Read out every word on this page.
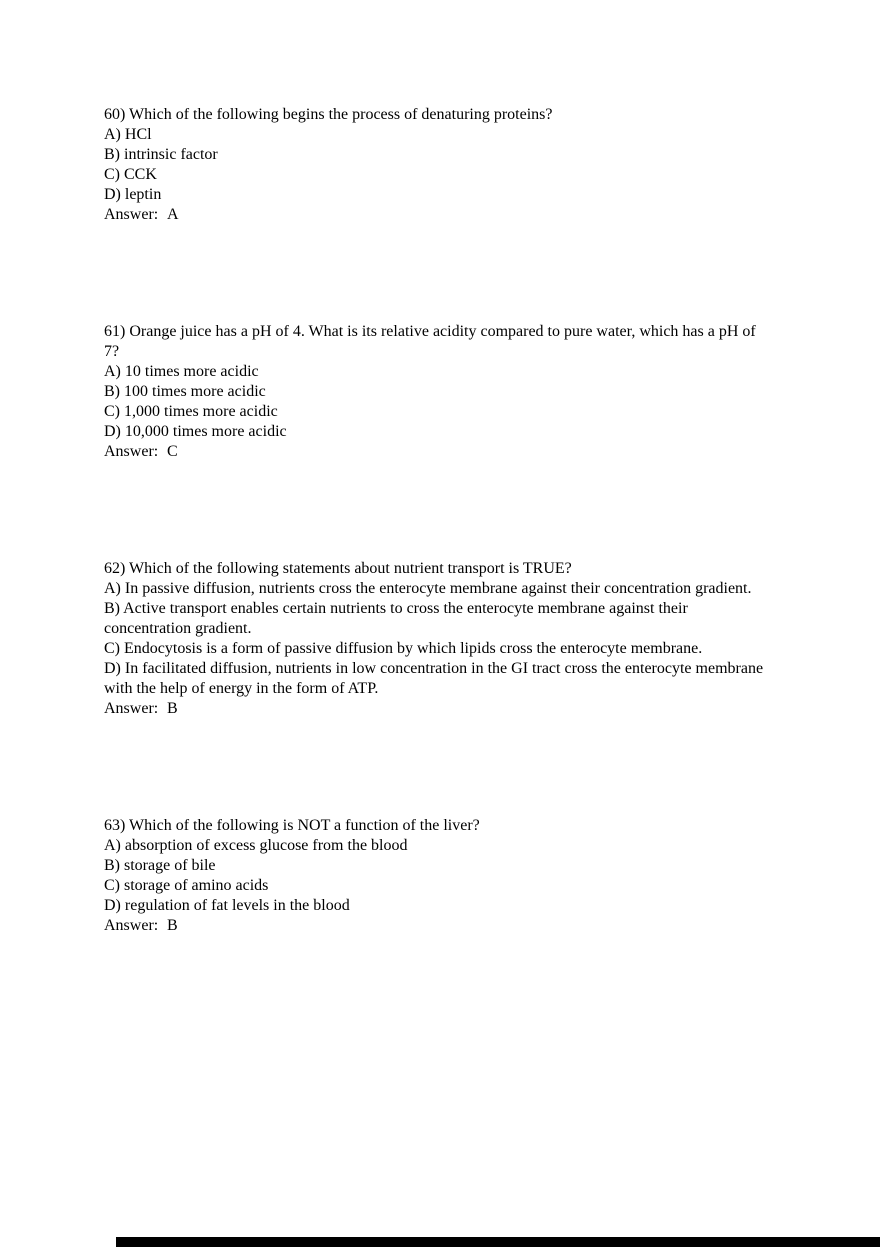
60) Which of the following begins the process of denaturing proteins?

A) HCl

B) intrinsic factor

C) CCK

D) leptin

Answer: A

61) Orange juice has a pH of 4. What is its relative acidity compared to pure water, which has a pH of 7?

A) 10 times more acidic

B) 100 times more acidic

C) 1,000 times more acidic

D) 10,000 times more acidic

Answer: C

62) Which of the following statements about nutrient transport is TRUE?

A) In passive diffusion, nutrients cross the enterocyte membrane against their concentration gradient.

B) Active transport enables certain nutrients to cross the enterocyte membrane against their concentration gradient.

C) Endocytosis is a form of passive diffusion by which lipids cross the enterocyte membrane.

D) In facilitated diffusion, nutrients in low concentration in the GI tract cross the enterocyte membrane with the help of energy in the form of ATP.

Answer: B

63) Which of the following is NOT a function of the liver?

A) absorption of excess glucose from the blood

B) storage of bile

C) storage of amino acids

D) regulation of fat levels in the blood

Answer: B
